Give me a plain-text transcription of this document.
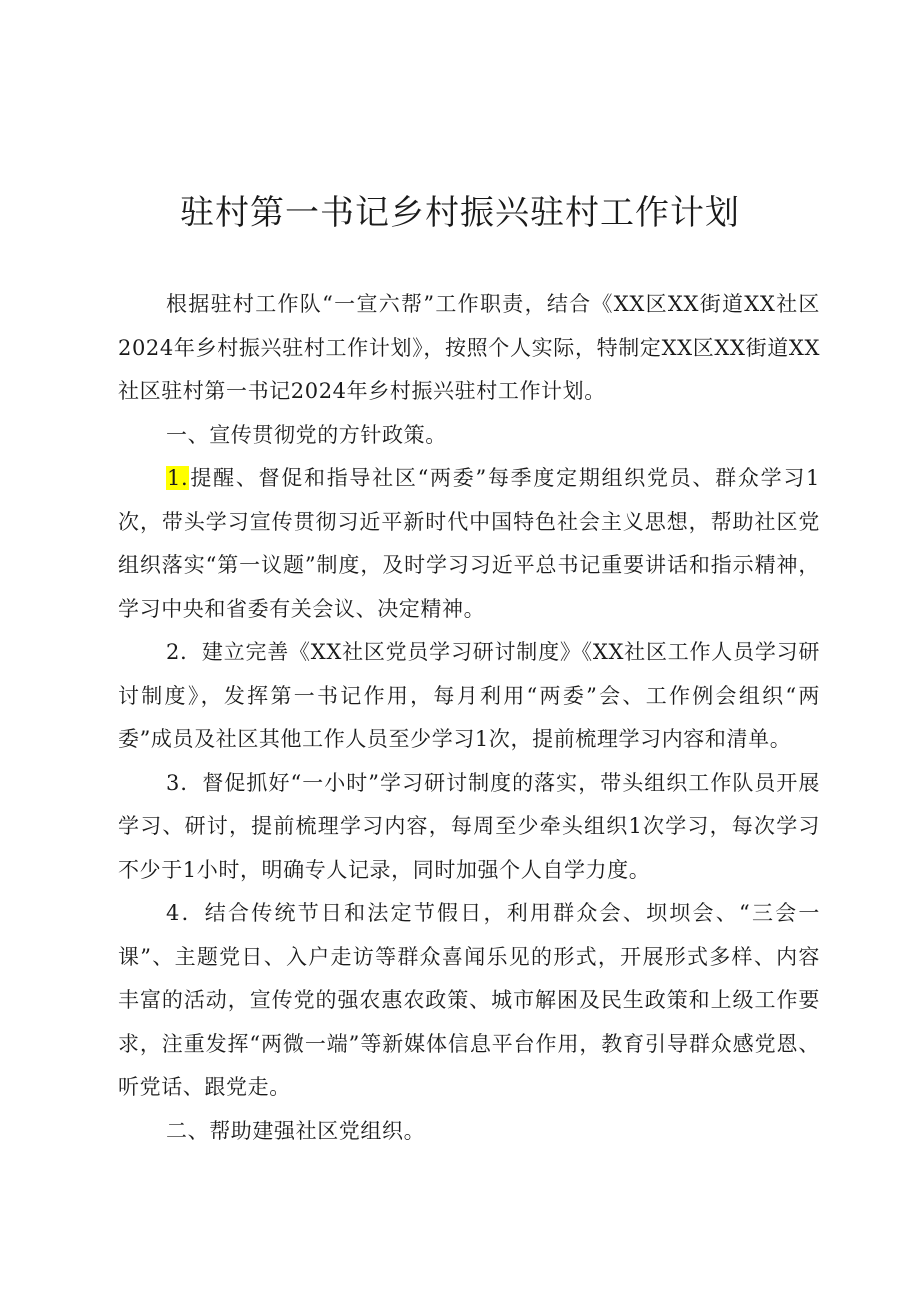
驻村第一书记乡村振兴驻村工作计划

根据驻村工作队“一宣六帮”工作职责，结合《XX区XX街道XX社区2024年乡村振兴驻村工作计划》，按照个人实际，特制定XX区XX街道XX社区驻村第一书记2024年乡村振兴驻村工作计划。

一、宣传贯彻党的方针政策。

1.提醒、督促和指导社区“两委”每季度定期组织党员、群众学习1次，带头学习宣传贯彻习近平新时代中国特色社会主义思想，帮助社区党组织落实“第一议题”制度，及时学习习近平总书记重要讲话和指示精神，学习中央和省委有关会议、决定精神。

2．建立完善《XX社区党员学习研讨制度》《XX社区工作人员学习研讨制度》，发挥第一书记作用，每月利用“两委”会、工作例会组织“两委”成员及社区其他工作人员至少学习1次，提前梳理学习内容和清单。

3．督促抓好“一小时”学习研讨制度的落实，带头组织工作队员开展学习、研讨，提前梳理学习内容，每周至少牵头组织1次学习，每次学习不少于1小时，明确专人记录，同时加强个人自学力度。

4．结合传统节日和法定节假日，利用群众会、坝坝会、“三会一课”、主题党日、入户走访等群众喜闻乐见的形式，开展形式多样、内容丰富的活动，宣传党的强农惠农政策、城市解困及民生政策和上级工作要求，注重发挥“两微一端”等新媒体信息平台作用，教育引导群众感党恩、听党话、跟党走。

二、帮助建强社区党组织。
